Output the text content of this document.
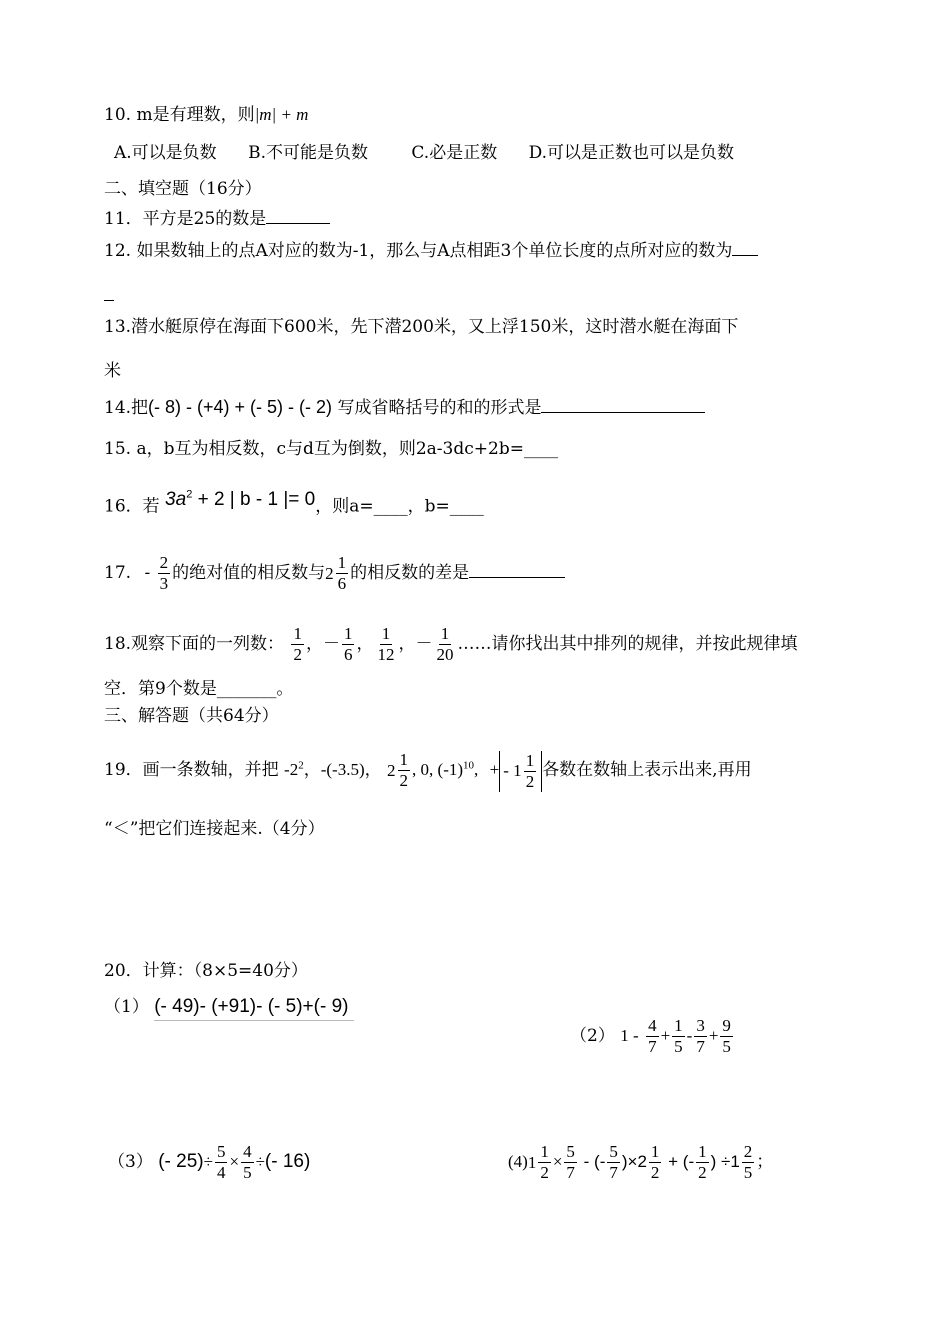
10. m是有理数，则|m| + m
A.可以是负数 B.不可能是负数	C.必是正数 D.可以是正数也可以是负数
二、填空题（16分）
11．平方是25的数是
12. 如果数轴上的点A对应的数为-1，那么与A点相距3个单位长度的点所对应的数为
13.潜水艇原停在海面下600米，先下潜200米，又上浮150米，这时潜水艇在海面下
米
14.把(- 8) - (+4) + (- 5) - (- 2) 写成省略括号的和的形式是
15. a，b互为相反数，c与d互为倒数，则2a-3dc+2b=____
16．若 $3a^2 + 2$ | b - 1 |= 0，则a=____，b=____
17. - $\frac{2}{3}$ 的绝对值的相反数与 $2 \frac{1}{6}$ 的相反数的差是
18.观察下面的一列数： $\frac{1}{2}$ ，－ $\frac{1}{6}$ ， $\frac{1}{12}$ ，－ $\frac{1}{20}$ ……请你找出其中排列的规律，并按此规律填
空．第9个数是_______。
三、解答题（共64分）
19．画一条数轴，并把 $-2^2$，-(-3.5)， $2 \frac{1}{2}$ , 0, $(-1)^{10}$, + - $1 \frac{1}{2}$ 各数在数轴上表示出来,再用
“＜”把它们连接起来.（4分）
20．计算：（8×5=40分）
（1） (- 49)- (+91)- (- 5)+(- 9)
（2） $1 - \frac{4}{7} + \frac{1}{5} - \frac{3}{7} + \frac{9}{5}$
（3） (- $25)\div \frac{5}{4} \times \frac{4}{5}$ ÷(- 16)	(4) $1 \frac{1}{2} \times \frac{5}{7}$ - (- $\frac{5}{7} )\times 2 \frac{1}{2}$ + (- $\frac{1}{2}$ ) $\div 1 \frac{2}{5}$ ；
